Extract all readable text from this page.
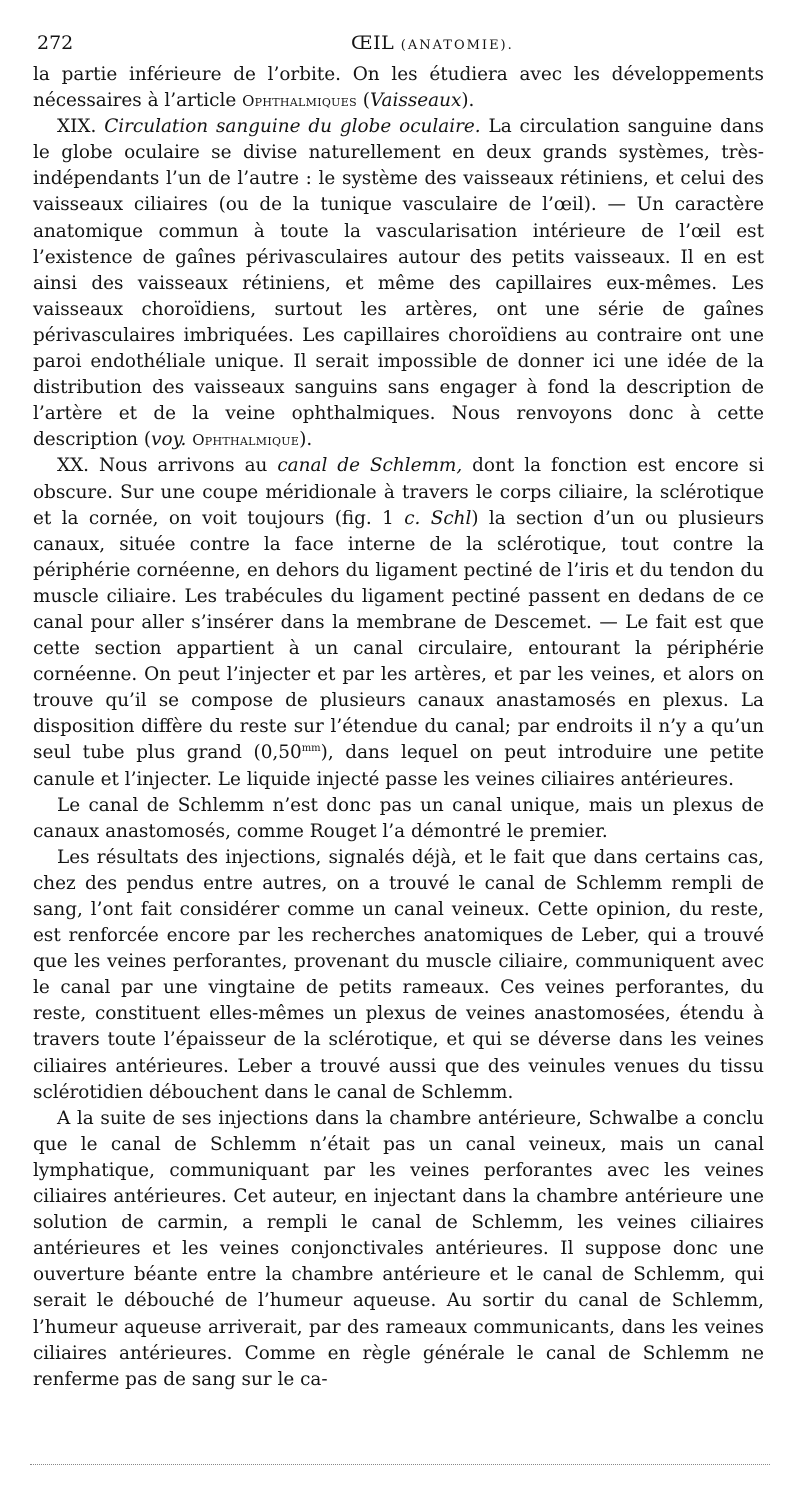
272	ŒIL (ANATOMIE).

la partie inférieure de l’orbite. On les étudiera avec les développements nécessaires à l’article Ophthalmiques (Vaisseaux).

XIX. Circulation sanguine du globe oculaire. La circulation sanguine dans le globe oculaire se divise naturellement en deux grands systèmes, très-indépendants l’un de l’autre : le système des vaisseaux rétiniens, et celui des vaisseaux ciliaires (ou de la tunique vasculaire de l’œil). — Un caractère anatomique commun à toute la vascularisation intérieure de l’œil est l’existence de gaînes périvasculaires autour des petits vaisseaux. Il en est ainsi des vaisseaux rétiniens, et même des capillaires eux-mêmes. Les vaisseaux choroïdiens, surtout les artères, ont une série de gaînes périvasculaires imbriquées. Les capillaires choroïdiens au contraire ont une paroi endothéliale unique. Il serait impossible de donner ici une idée de la distribution des vaisseaux sanguins sans engager à fond la description de l’artère et de la veine ophthalmiques. Nous renvoyons donc à cette description (voy. Ophthalmique).

XX. Nous arrivons au canal de Schlemm, dont la fonction est encore si obscure. Sur une coupe méridionale à travers le corps ciliaire, la sclérotique et la cornée, on voit toujours (fig. 1 c. Schl) la section d’un ou plusieurs canaux, située contre la face interne de la sclérotique, tout contre la périphérie cornéenne, en dehors du ligament pectiné de l’iris et du tendon du muscle ciliaire. Les trabécules du ligament pectiné passent en dedans de ce canal pour aller s’insérer dans la membrane de Descemet. — Le fait est que cette section appartient à un canal circulaire, entourant la périphérie cornéenne. On peut l’injecter et par les artères, et par les veines, et alors on trouve qu’il se compose de plusieurs canaux anastamosés en plexus. La disposition diffère du reste sur l’étendue du canal; par endroits il n’y a qu’un seul tube plus grand $(0,50^{mm})$, dans lequel on peut introduire une petite canule et l’injecter. Le liquide injecté passe les veines ciliaires antérieures.

Le canal de Schlemm n’est donc pas un canal unique, mais un plexus de canaux anastomosés, comme Rouget l’a démontré le premier.

Les résultats des injections, signalés déjà, et le fait que dans certains cas, chez des pendus entre autres, on a trouvé le canal de Schlemm rempli de sang, l’ont fait considérer comme un canal veineux. Cette opinion, du reste, est renforcée encore par les recherches anatomiques de Leber, qui a trouvé que les veines perforantes, provenant du muscle ciliaire, communiquent avec le canal par une vingtaine de petits rameaux. Ces veines perforantes, du reste, constituent elles-mêmes un plexus de veines anastomosées, étendu à travers toute l’épaisseur de la sclérotique, et qui se déverse dans les veines ciliaires antérieures. Leber a trouvé aussi que des veinules venues du tissu sclérotidien débouchent dans le canal de Schlemm.

A la suite de ses injections dans la chambre antérieure, Schwalbe a conclu que le canal de Schlemm n’était pas un canal veineux, mais un canal lymphatique, communiquant par les veines perforantes avec les veines ciliaires antérieures. Cet auteur, en injectant dans la chambre antérieure une solution de carmin, a rempli le canal de Schlemm, les veines ciliaires antérieures et les veines conjonctivales antérieures. Il suppose donc une ouverture béante entre la chambre antérieure et le canal de Schlemm, qui serait le débouché de l’humeur aqueuse. Au sortir du canal de Schlemm, l’humeur aqueuse arriverait, par des rameaux communicants, dans les veines ciliaires antérieures. Comme en règle générale le canal de Schlemm ne renferme pas de sang sur le ca-
